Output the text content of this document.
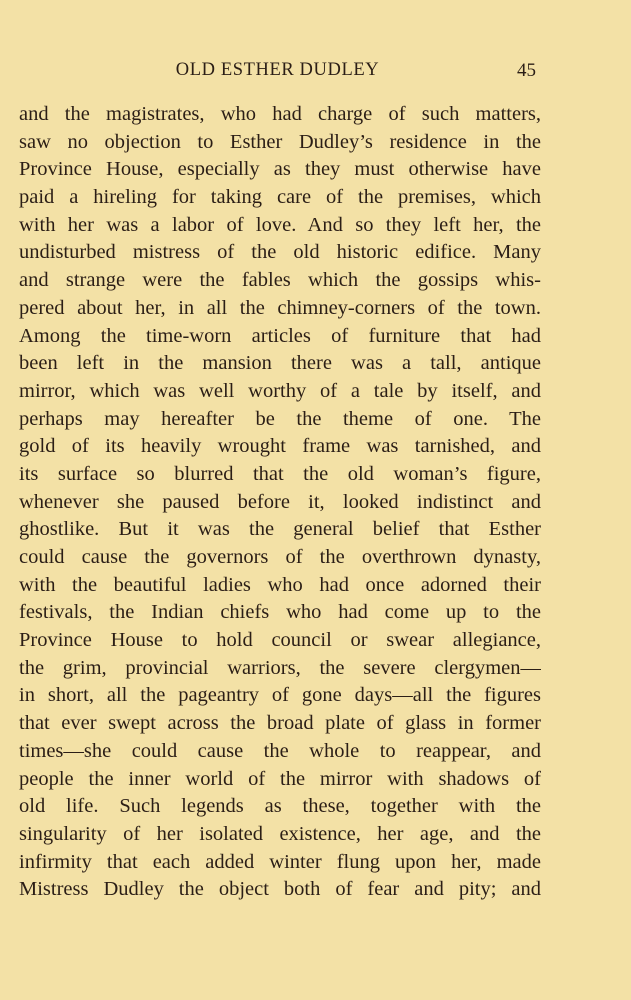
OLD ESTHER DUDLEY	45
and the magistrates, who had charge of such matters,
saw no objection to Esther Dudley’s residence in the
Province House, especially as they must otherwise have
paid a hireling for taking care of the premises, which
with her was a labor of love. And so they left her, the
undisturbed mistress of the old historic edifice. Many
and strange were the fables which the gossips whis-
pered about her, in all the chimney-corners of the town.
Among the time-worn articles of furniture that had
been left in the mansion there was a tall, antique
mirror, which was well worthy of a tale by itself, and
perhaps may hereafter be the theme of one. The
gold of its heavily wrought frame was tarnished, and
its surface so blurred that the old woman’s figure,
whenever she paused before it, looked indistinct and
ghostlike. But it was the general belief that Esther
could cause the governors of the overthrown dynasty,
with the beautiful ladies who had once adorned their
festivals, the Indian chiefs who had come up to the
Province House to hold council or swear allegiance,
the grim, provincial warriors, the severe clergymen—
in short, all the pageantry of gone days—all the figures
that ever swept across the broad plate of glass in former
times—she could cause the whole to reappear, and
people the inner world of the mirror with shadows of
old life. Such legends as these, together with the
singularity of her isolated existence, her age, and the
infirmity that each added winter flung upon her, made
Mistress Dudley the object both of fear and pity; and
